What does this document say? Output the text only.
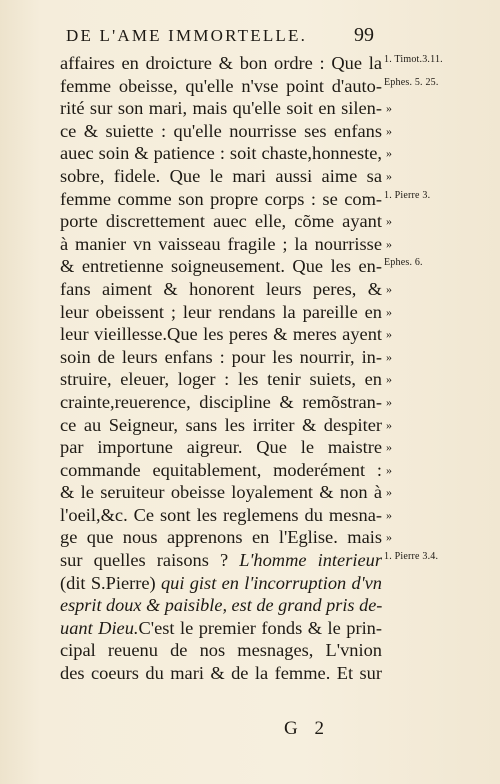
DE L'AME IMMORTELLE. 99
affaires en droicture & bon ordre : Que la
femme obeisse, qu'elle n'vse point d'auto-
rité sur son mari, mais qu'elle soit en silen-
ce & suiette : qu'elle nourrisse ses enfans
auec soin & patience : soit chaste,honneste,
sobre, fidele. Que le mari aussi aime sa
femme comme son propre corps : se com-
porte discrettement auec elle, cõme ayant
à manier vn vaisseau fragile ; la nourrisse
& entretienne soigneusement. Que les en-
fans aiment & honorent leurs peres, &
leur obeissent ; leur rendans la pareille en
leur vieillesse.Que les peres & meres ayent
soin de leurs enfans : pour les nourrir, in-
struire, eleuer, loger : les tenir suiets, en
crainte,reuerence, discipline & remõstran-
ce au Seigneur, sans les irriter & despiter
par importune aigreur. Que le maistre
commande equitablement, moderément :
& le seruiteur obeisse loyalement & non à
l'oeil,&c. Ce sont les reglemens du mesna-
ge que nous apprenons en l'Eglise. mais
sur quelles raisons ? L'homme interieur
(dit S.Pierre) qui gist en l'incorruption d'vn
esprit doux & paisible, est de grand pris de-
uant Dieu.C'est le premier fonds & le prin-
cipal reuenu de nos mesnages, L'vnion
des coeurs du mari & de la femme. Et sur
1. Timot.3.11.
Ephes. 5. 25.
»
»
»
»
1. Pierre 3.
»
»
Ephes. 6.
»
»
»
»
»
»
»
»
»
»
»
»
1. Pierre 3.4.
G 2
